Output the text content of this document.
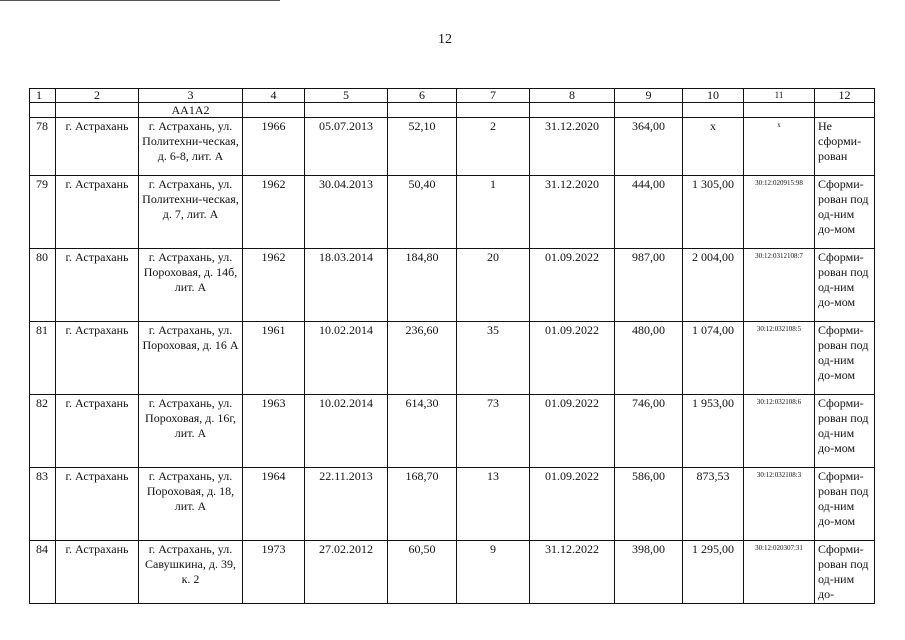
12
1	2	3	4	5	6	7	8	9	10	11	12
		АА1А2									
78	г. Астрахань	г. Астрахань, ул. Политехни-ческая, д. 6-8, лит. А	1966	05.07.2013	52,10	2	31.12.2020	364,00	х	х	Не сформи-рован
79	г. Астрахань	г. Астрахань, ул. Политехни-ческая, д. 7, лит. А	1962	30.04.2013	50,40	1	31.12.2020	444,00	1 305,00	30:12:020915:98	Сформи-рован под од-ним до-мом
80	г. Астрахань	г. Астрахань, ул. Пороховая, д. 14б, лит. А	1962	18.03.2014	184,80	20	01.09.2022	987,00	2 004,00	30:12:0312108:7	Сформи-рован под од-ним до-мом
81	г. Астрахань	г. Астрахань, ул. Пороховая, д. 16 А	1961	10.02.2014	236,60	35	01.09.2022	480,00	1 074,00	30:12:032108:5	Сформи-рован под од-ним до-мом
82	г. Астрахань	г. Астрахань, ул. Пороховая, д. 16г, лит. А	1963	10.02.2014	614,30	73	01.09.2022	746,00	1 953,00	30:12:032108:6	Сформи-рован под од-ним до-мом
83	г. Астрахань	г. Астрахань, ул. Пороховая, д. 18, лит. А	1964	22.11.2013	168,70	13	01.09.2022	586,00	873,53	30:12:032108:3	Сформи-рован под од-ним до-мом
84	г. Астрахань	г. Астрахань, ул. Савушкина, д. 39, к. 2	1973	27.02.2012	60,50	9	31.12.2022	398,00	1 295,00	30:12:020307:31	Сформи-рован под од-ним до-
